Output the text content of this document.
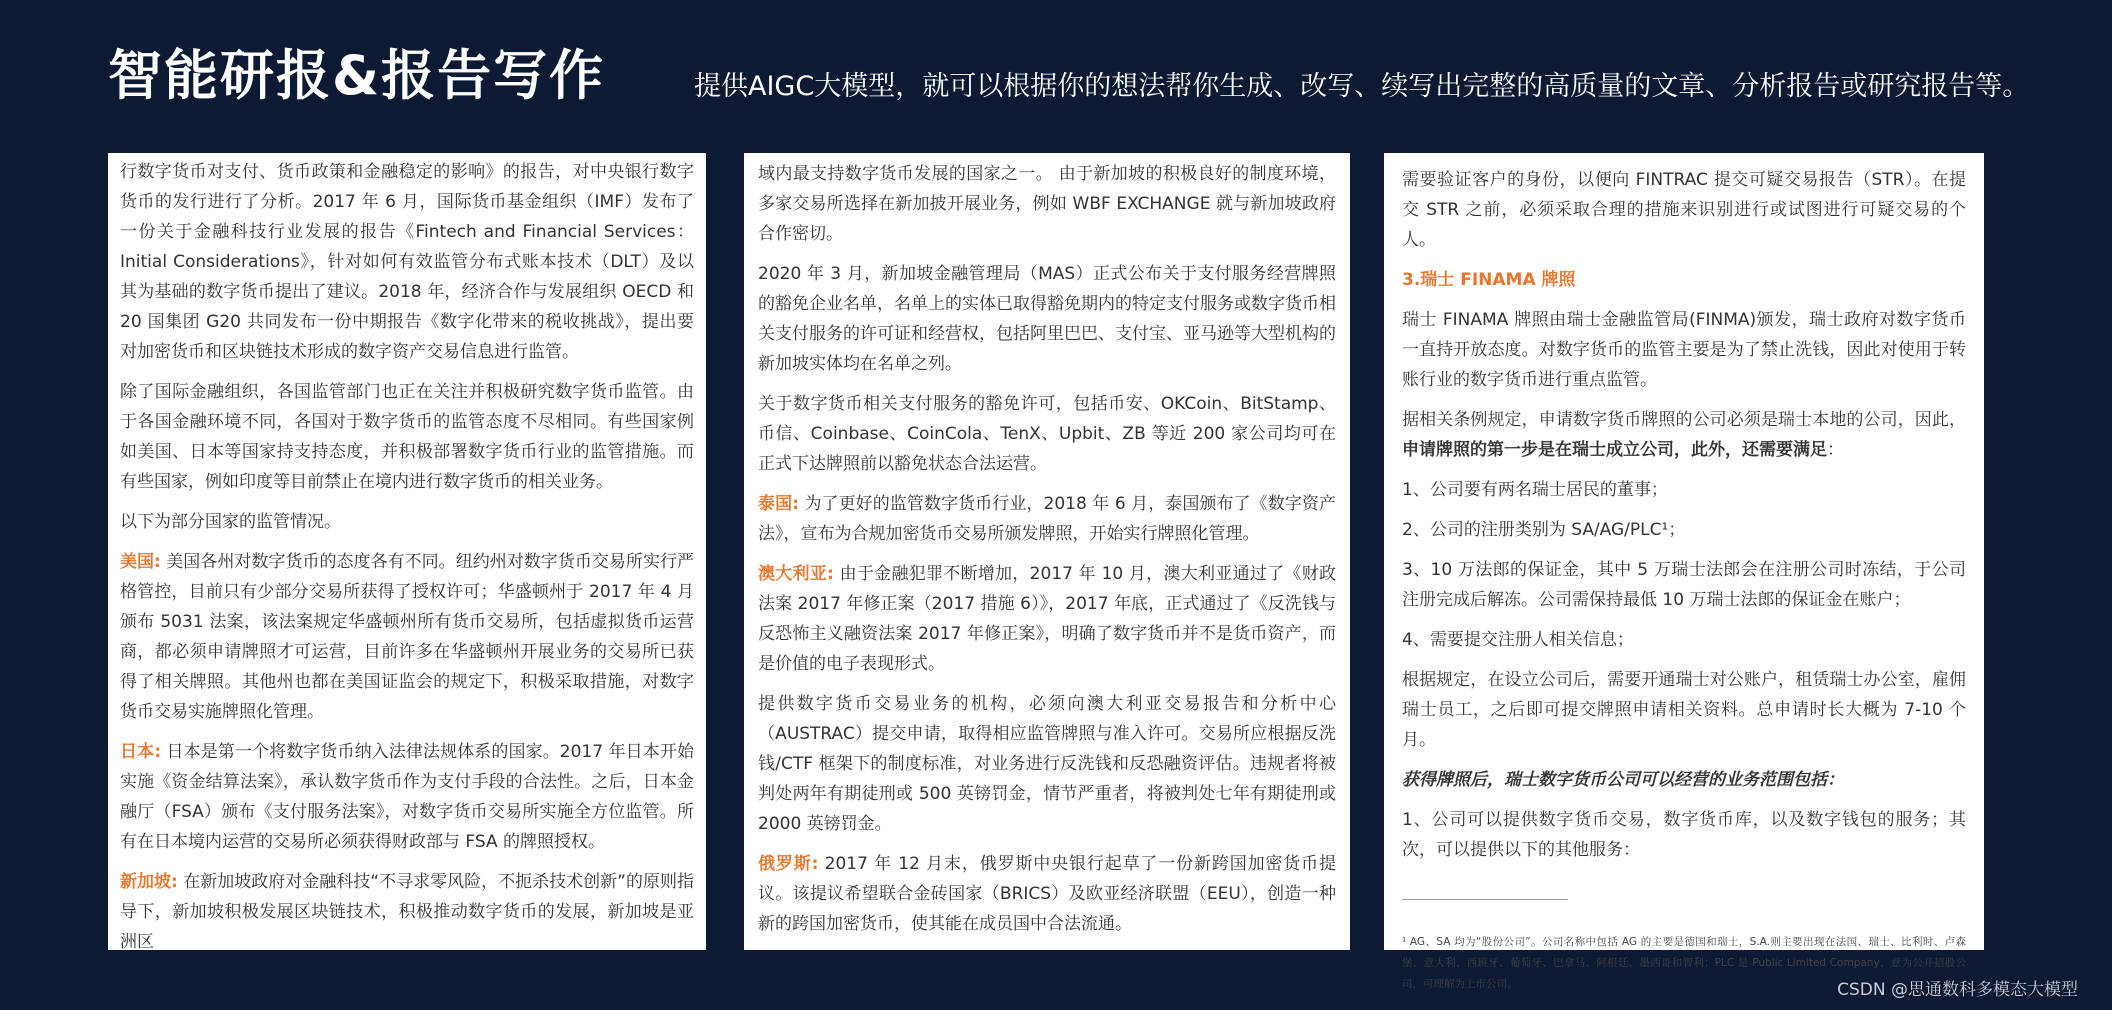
智能研报&报告写作	提供AIGC大模型，就可以根据你的想法帮你生成、改写、续写出完整的高质量的文章、分析报告或研究报告等。

行数字货币对支付、货币政策和金融稳定的影响》的报告，对中央银行数字货币的发行进行了分析。2017 年 6 月，国际货币基金组织（IMF）发布了一份关于金融科技行业发展的报告《Fintech and Financial Services：Initial Considerations》，针对如何有效监管分布式账本技术（DLT）及以其为基础的数字货币提出了建议。2018 年，经济合作与发展组织 OECD 和 20 国集团 G20 共同发布一份中期报告《数字化带来的税收挑战》，提出要对加密货币和区块链技术形成的数字资产交易信息进行监管。

除了国际金融组织，各国监管部门也正在关注并积极研究数字货币监管。由于各国金融环境不同，各国对于数字货币的监管态度不尽相同。有些国家例如美国、日本等国家持支持态度，并积极部署数字货币行业的监管措施。而有些国家，例如印度等目前禁止在境内进行数字货币的相关业务。

以下为部分国家的监管情况。

美国: 美国各州对数字货币的态度各有不同。纽约州对数字货币交易所实行严格管控，目前只有少部分交易所获得了授权许可；华盛顿州于 2017 年 4 月颁布 5031 法案，该法案规定华盛顿州所有货币交易所，包括虚拟货币运营商，都必须申请牌照才可运营，目前许多在华盛顿州开展业务的交易所已获得了相关牌照。其他州也都在美国证监会的规定下，积极采取措施，对数字货币交易实施牌照化管理。

日本: 日本是第一个将数字货币纳入法律法规体系的国家。2017 年日本开始实施《资金结算法案》，承认数字货币作为支付手段的合法性。之后，日本金融厅（FSA）颁布《支付服务法案》，对数字货币交易所实施全方位监管。所有在日本境内运营的交易所必须获得财政部与 FSA 的牌照授权。

新加坡: 在新加坡政府对金融科技“不寻求零风险，不扼杀技术创新”的原则指导下，新加坡积极发展区块链技术，积极推动数字货币的发展，新加坡是亚洲区

域内最支持数字货币发展的国家之一。 由于新加坡的积极良好的制度环境，多家交易所选择在新加披开展业务，例如 WBF EXCHANGE 就与新加坡政府合作密切。

2020 年 3 月，新加坡金融管理局（MAS）正式公布关于支付服务经营牌照的豁免企业名单，名单上的实体已取得豁免期内的特定支付服务或数字货币相关支付服务的许可证和经营权，包括阿里巴巴、支付宝、亚马逊等大型机构的新加坡实体均在名单之列。

关于数字货币相关支付服务的豁免许可，包括币安、OKCoin、BitStamp、币信、Coinbase、CoinCola、TenX、Upbit、ZB 等近 200 家公司均可在正式下达牌照前以豁免状态合法运营。

泰国: 为了更好的监管数字货币行业，2018 年 6 月，泰国颁布了《数字资产法》，宣布为合规加密货币交易所颁发牌照，开始实行牌照化管理。

澳大利亚: 由于金融犯罪不断增加，2017 年 10 月，澳大利亚通过了《财政法案 2017 年修正案（2017 措施 6）》，2017 年底，正式通过了《反洗钱与反恐怖主义融资法案 2017 年修正案》，明确了数字货币并不是货币资产，而是价值的电子表现形式。

提供数字货币交易业务的机构，必须向澳大利亚交易报告和分析中心（AUSTRAC）提交申请，取得相应监管牌照与准入许可。交易所应根据反洗钱/CTF 框架下的制度标准，对业务进行反洗钱和反恐融资评估。违规者将被判处两年有期徒刑或 500 英镑罚金，情节严重者，将被判处七年有期徒刑或 2000 英镑罚金。

俄罗斯: 2017 年 12 月末，俄罗斯中央银行起草了一份新跨国加密货币提议。该提议希望联合金砖国家（BRICS）及欧亚经济联盟（EEU），创造一种新的跨国加密货币，使其能在成员国中合法流通。

需要验证客户的身份，以便向 FINTRAC 提交可疑交易报告（STR）。在提交 STR 之前，必须采取合理的措施来识别进行或试图进行可疑交易的个人。

3.瑞士 FINAMA 牌照

瑞士 FINAMA 牌照由瑞士金融监管局(FINMA)颁发，瑞士政府对数字货币一直持开放态度。对数字货币的监管主要是为了禁止洗钱，因此对使用于转账行业的数字货币进行重点监管。

据相关条例规定，申请数字货币牌照的公司必须是瑞士本地的公司，因此，申请牌照的第一步是在瑞士成立公司，此外，还需要满足：

1、公司要有两名瑞士居民的董事；

2、公司的注册类别为 SA/AG/PLC¹；

3、10 万法郎的保证金，其中 5 万瑞士法郎会在注册公司时冻结，于公司注册完成后解冻。公司需保持最低 10 万瑞士法郎的保证金在账户；

4、需要提交注册人相关信息；

根据规定，在设立公司后，需要开通瑞士对公账户，租赁瑞士办公室，雇佣瑞士员工，之后即可提交牌照申请相关资料。总申请时长大概为 7-10 个月。

获得牌照后，瑞士数字货币公司可以经营的业务范围包括：

1、公司可以提供数字货币交易，数字货币库，以及数字钱包的服务；其次，可以提供以下的其他服务：

¹ AG、SA 均为“股份公司”。公司名称中包括 AG 的主要是德国和瑞士，S.A.则主要出现在法国、瑞士、比利时、卢森堡、意大利、西班牙、葡萄牙、巴拿马、阿根廷、墨西哥和智利；PLC 是 Public Limited Company，意为公开招股公司，可理解为上市公司。	CSDN @思通数科多模态大模型
